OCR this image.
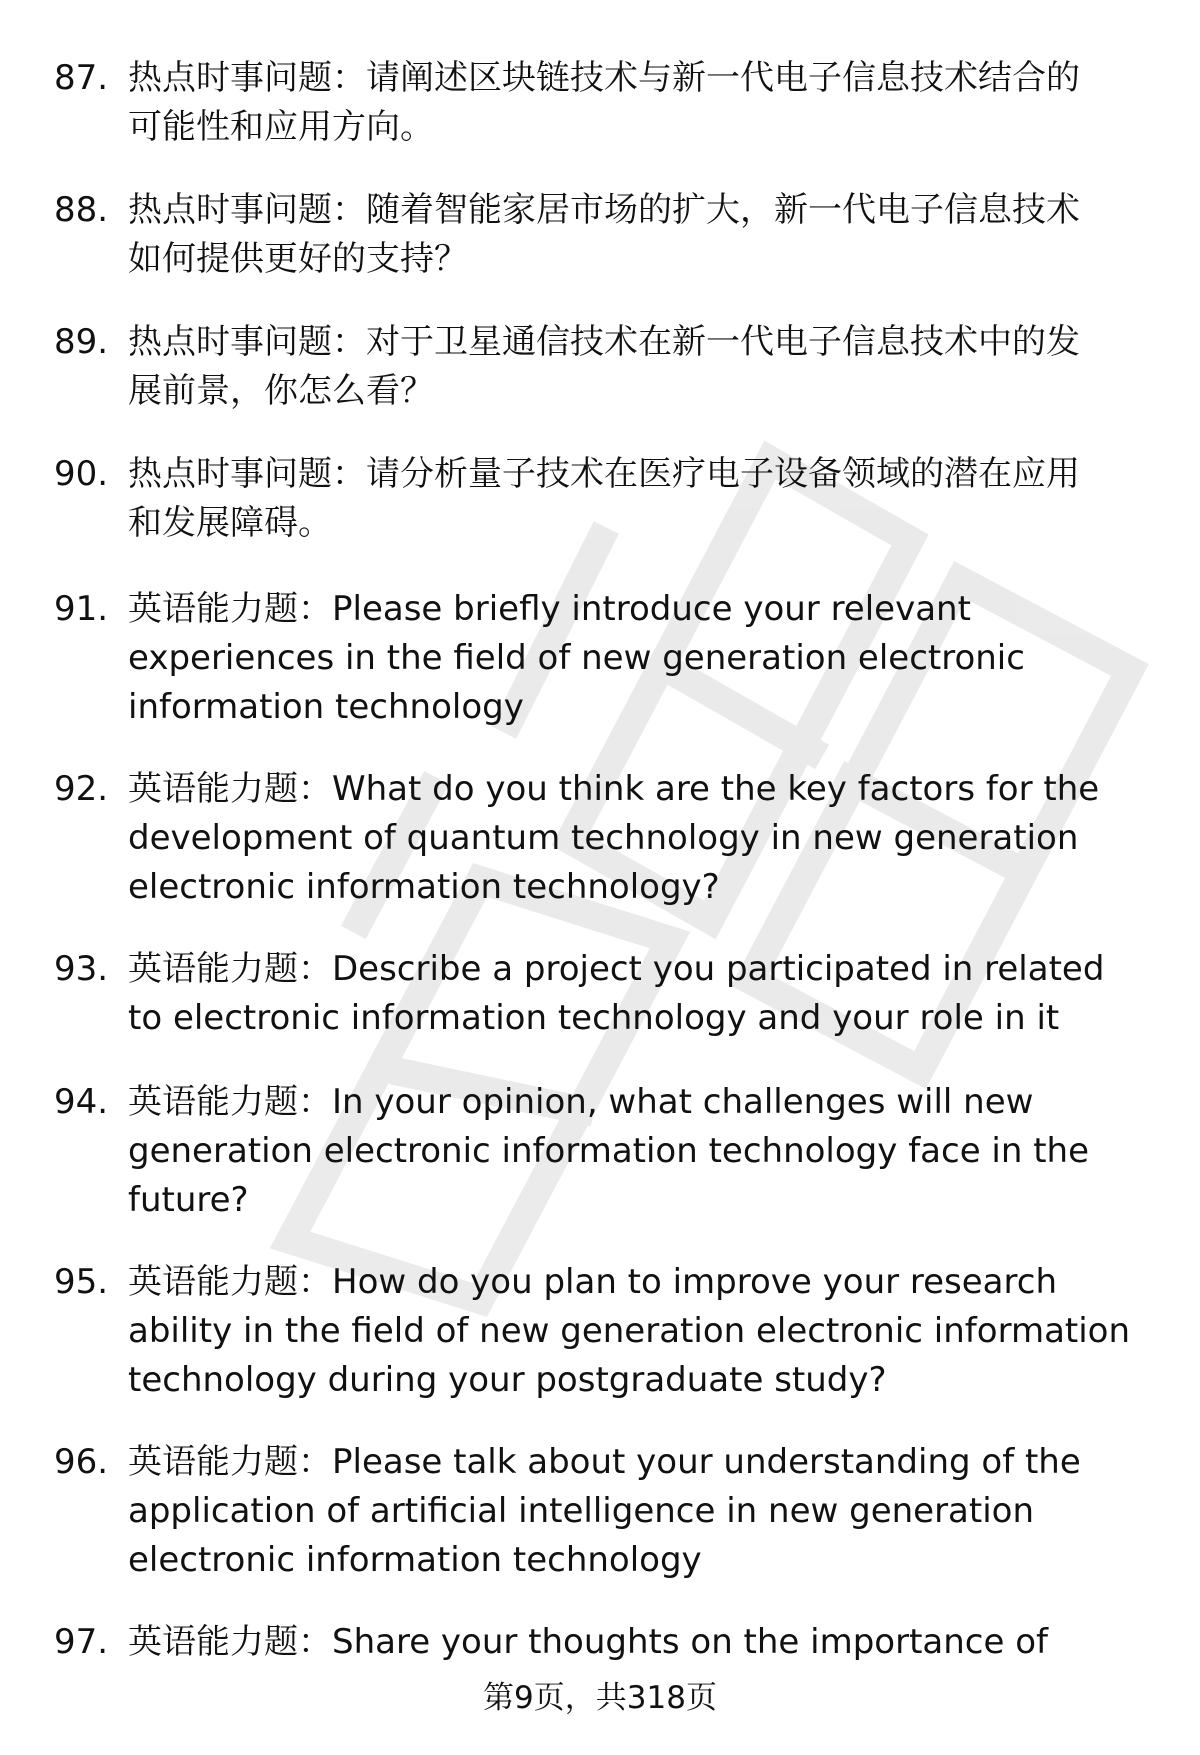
87. 热点时事问题：请阐述区块链技术与新一代电子信息技术结合的
可能性和应用方向。
88. 热点时事问题：随着智能家居市场的扩大，新一代电子信息技术
如何提供更好的支持？
89. 热点时事问题：对于卫星通信技术在新一代电子信息技术中的发
展前景，你怎么看？
90. 热点时事问题：请分析量子技术在医疗电子设备领域的潜在应用
和发展障碍。
91. 英语能力题：Please briefly introduce your relevant
experiences in the field of new generation electronic
information technology
92. 英语能力题：What do you think are the key factors for the
development of quantum technology in new generation
electronic information technology?
93. 英语能力题：Describe a project you participated in related
to electronic information technology and your role in it
94. 英语能力题：In your opinion, what challenges will new
generation electronic information technology face in the
future?
95. 英语能力题：How do you plan to improve your research
ability in the field of new generation electronic information
technology during your postgraduate study?
96. 英语能力题：Please talk about your understanding of the
application of artificial intelligence in new generation
electronic information technology
97. 英语能力题：Share your thoughts on the importance of
第9页，共318页
